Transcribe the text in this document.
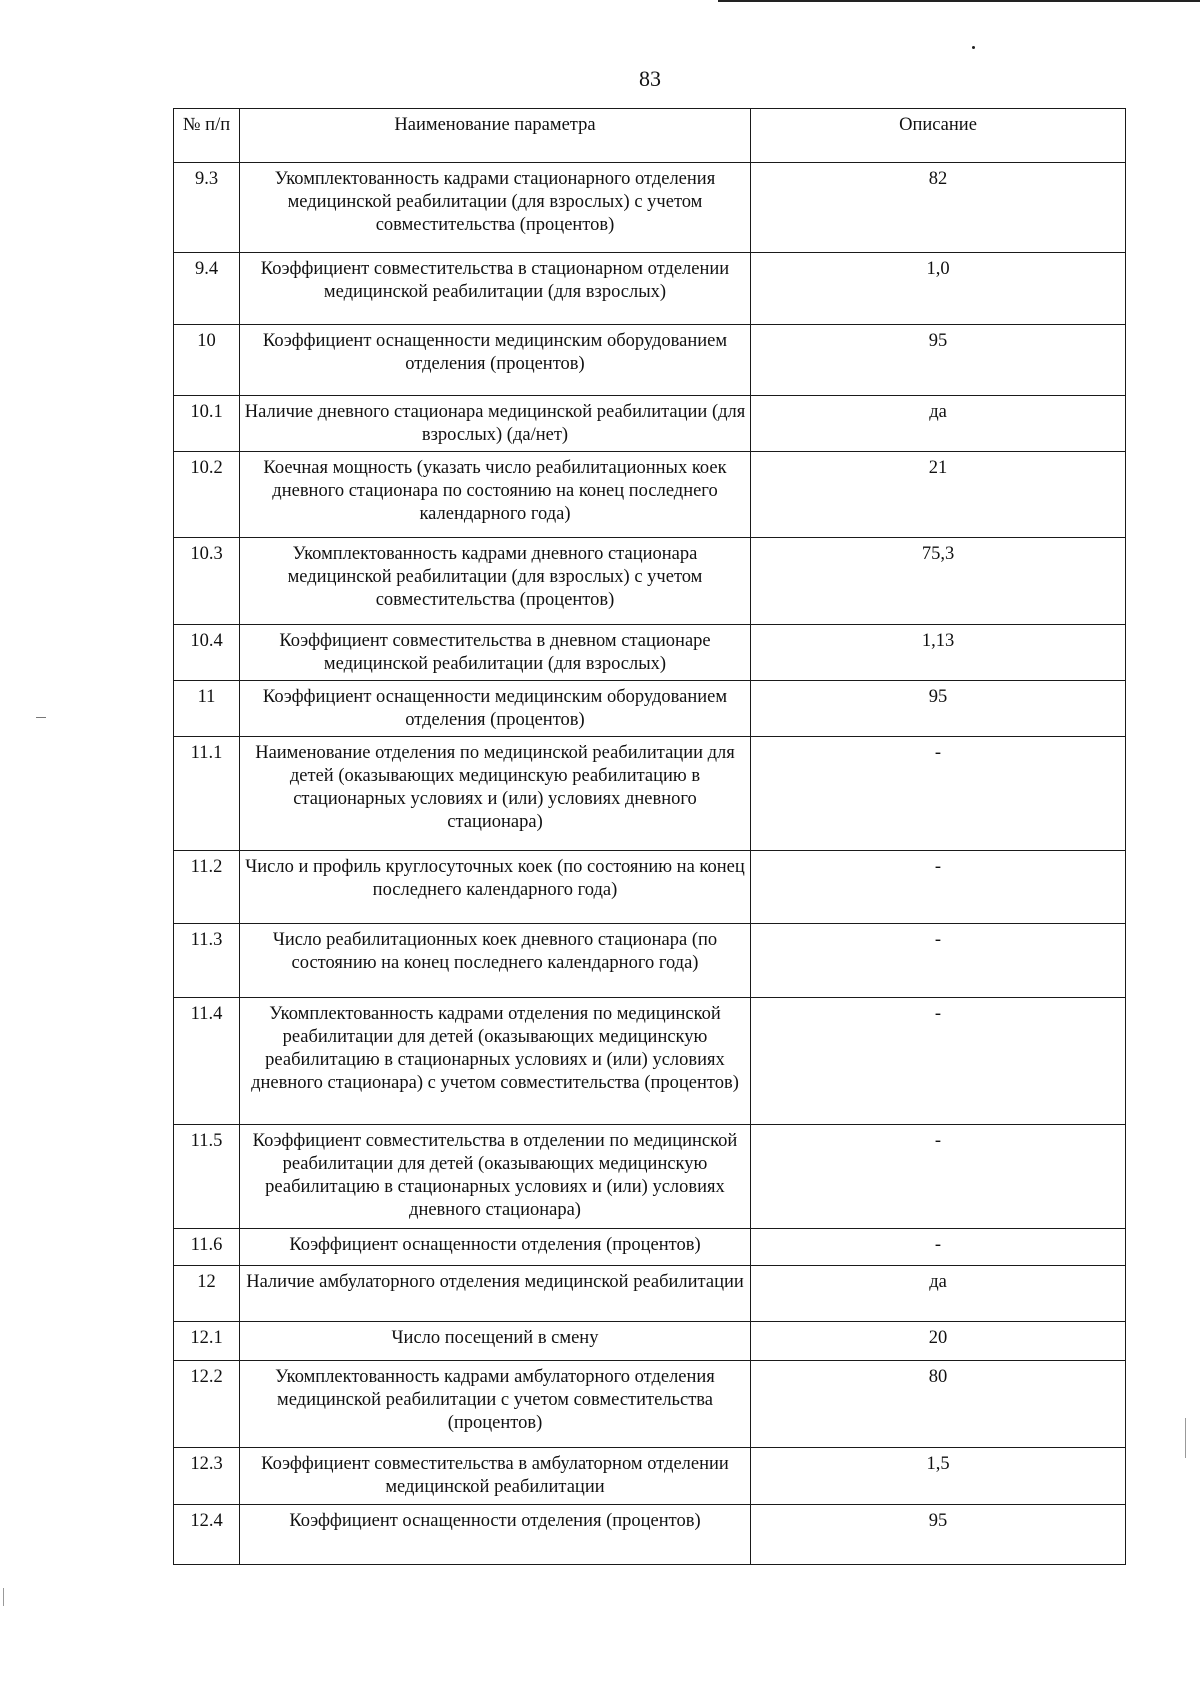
83
№ п/п	Наименование параметра	Описание
9.3	Укомплектованность кадрами стационарного отделения медицинской реабилитации (для взрослых) с учетом совместительства (процентов)	82
9.4	Коэффициент совместительства в стационарном отделении медицинской реабилитации (для взрослых)	1,0
10	Коэффициент оснащенности медицинским оборудованием отделения (процентов)	95
10.1	Наличие дневного стационара медицинской реабилитации (для взрослых) (да/нет)	да
10.2	Коечная мощность (указать число реабилитационных коек дневного стационара по состоянию на конец последнего календарного года)	21
10.3	Укомплектованность кадрами дневного стационара медицинской реабилитации (для взрослых) с учетом совместительства (процентов)	75,3
10.4	Коэффициент совместительства в дневном стационаре медицинской реабилитации (для взрослых)	1,13
11	Коэффициент оснащенности медицинским оборудованием отделения (процентов)	95
11.1	Наименование отделения по медицинской реабилитации для детей (оказывающих медицинскую реабилитацию в стационарных условиях и (или) условиях дневного стационара)	-
11.2	Число и профиль круглосуточных коек (по состоянию на конец последнего календарного года)	-
11.3	Число реабилитационных коек дневного стационара (по состоянию на конец последнего календарного года)	-
11.4	Укомплектованность кадрами отделения по медицинской реабилитации для детей (оказывающих медицинскую реабилитацию в стационарных условиях и (или) условиях дневного стационара) с учетом совместительства (процентов)	-
11.5	Коэффициент совместительства в отделении по медицинской реабилитации для детей (оказывающих медицинскую реабилитацию в стационарных условиях и (или) условиях дневного стационара)	-
11.6	Коэффициент оснащенности отделения (процентов)	-
12	Наличие амбулаторного отделения медицинской реабилитации	да
12.1	Число посещений в смену	20
12.2	Укомплектованность кадрами амбулаторного отделения медицинской реабилитации с учетом совместительства (процентов)	80
12.3	Коэффициент совместительства в амбулаторном отделении медицинской реабилитации	1,5
12.4	Коэффициент оснащенности отделения (процентов)	95
